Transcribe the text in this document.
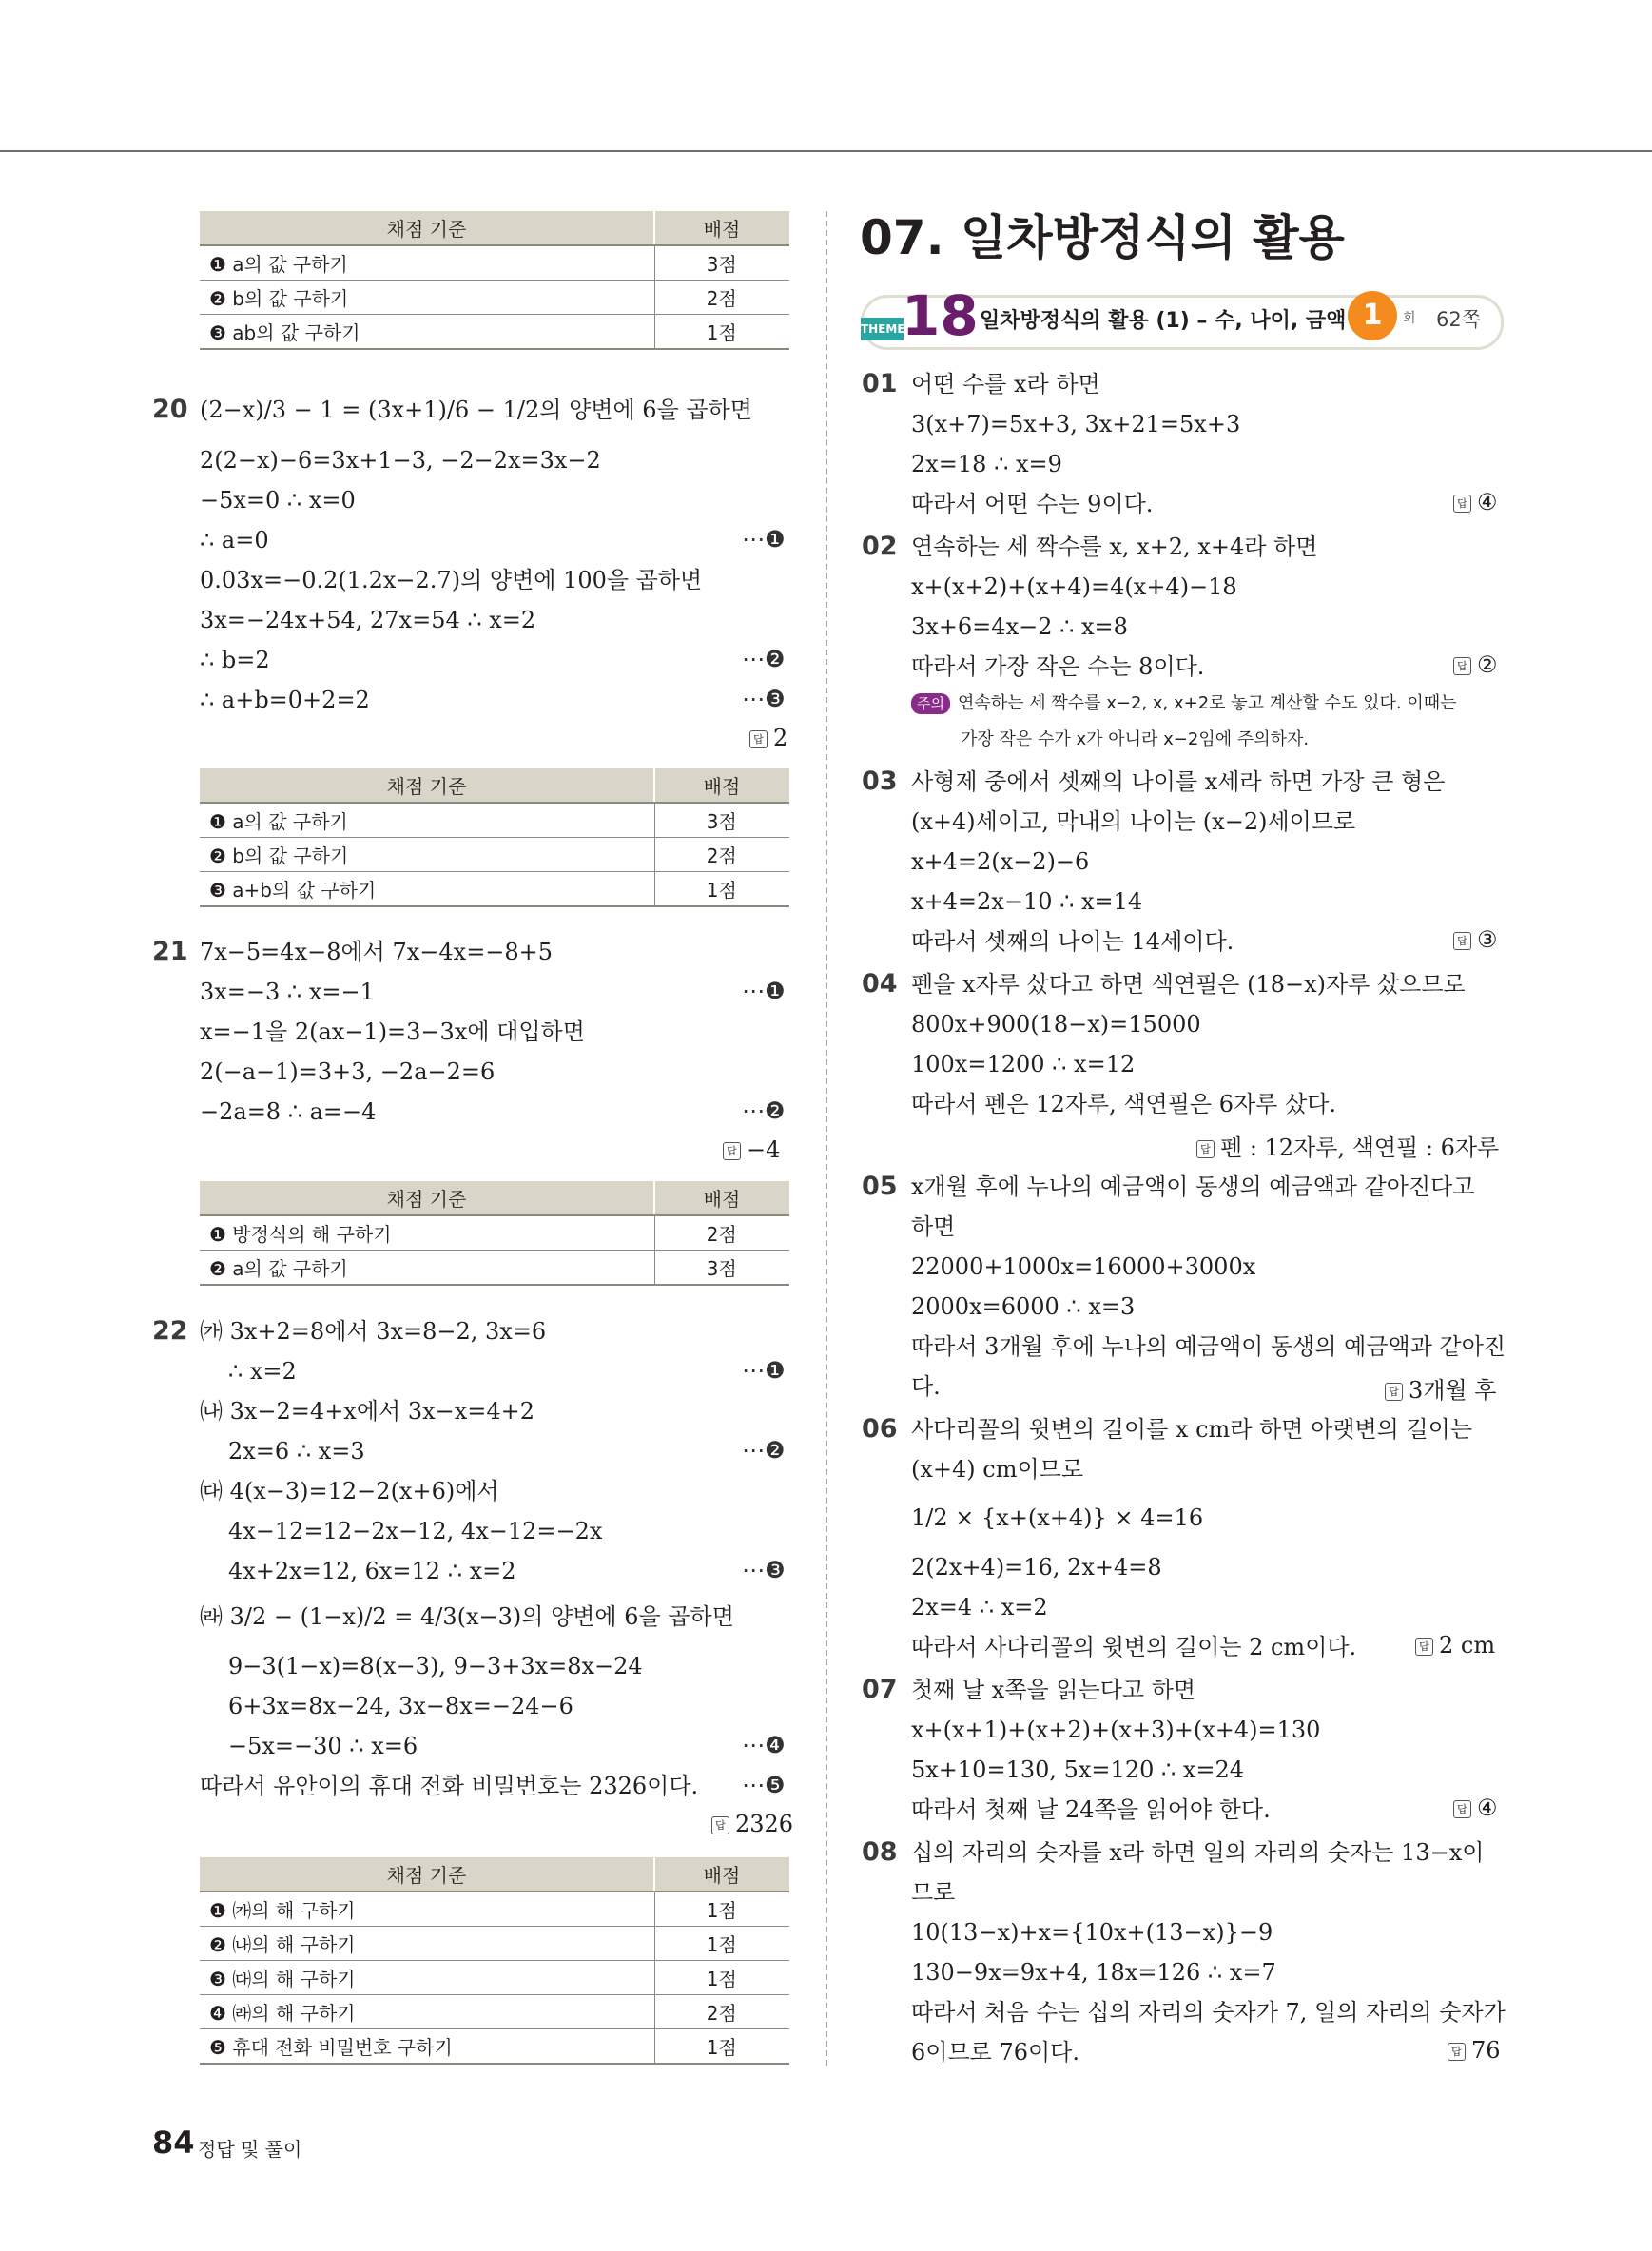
채점 기준	배점
❶ a의 값 구하기	3점
❷ b의 값 구하기	2점
❸ ab의 값 구하기	1점
20 (2−x)/3 − 1 = (3x+1)/6 − 1/2의 양변에 6을 곱하면
2(2−x)−6=3x+1−3, −2−2x=3x−2
−5x=0 ∴ x=0
∴ a=0	⋯❶
0.03x=−0.2(1.2x−2.7)의 양변에 100을 곱하면
3x=−24x+54, 27x=54 ∴ x=2
∴ b=2	⋯❷
∴ a+b=0+2=2	⋯❸
답 2
채점 기준	배점
❶ a의 값 구하기	3점
❷ b의 값 구하기	2점
❸ a+b의 값 구하기	1점
21 7x−5=4x−8에서 7x−4x=−8+5
3x=−3 ∴ x=−1	⋯❶
x=−1을 2(ax−1)=3−3x에 대입하면
2(−a−1)=3+3, −2a−2=6
−2a=8 ∴ a=−4	⋯❷
답 −4
채점 기준	배점
❶ 방정식의 해 구하기	2점
❷ a의 값 구하기	3점
22 ㈎ 3x+2=8에서 3x=8−2, 3x=6
∴ x=2	⋯❶
㈏ 3x−2=4+x에서 3x−x=4+2
2x=6 ∴ x=3	⋯❷
㈐ 4(x−3)=12−2(x+6)에서
4x−12=12−2x−12, 4x−12=−2x
4x+2x=12, 6x=12 ∴ x=2	⋯❸
㈑ 3/2 − (1−x)/2 = 4/3(x−3)의 양변에 6을 곱하면
9−3(1−x)=8(x−3), 9−3+3x=8x−24
6+3x=8x−24, 3x−8x=−24−6
−5x=−30 ∴ x=6	⋯❹
따라서 유안이의 휴대 전화 비밀번호는 2326이다. ⋯❺
답 2326
채점 기준	배점
❶ ㈎의 해 구하기	1점
❷ ㈏의 해 구하기	1점
❸ ㈐의 해 구하기	1점
❹ ㈑의 해 구하기	2점
❺ 휴대 전화 비밀번호 구하기	1점
07. 일차방정식의 활용
THEME
18 일차방정식의 활용 (1) – 수, 나이, 금액 1	회 62쪽
01 어떤 수를 x라 하면
3(x+7)=5x+3, 3x+21=5x+3
2x=18 ∴ x=9
따라서 어떤 수는 9이다.	답 ④
02 연속하는 세 짝수를 x, x+2, x+4라 하면
x+(x+2)+(x+4)=4(x+4)−18
3x+6=4x−2 ∴ x=8
따라서 가장 작은 수는 8이다.	답 ②
주의 연속하는 세 짝수를 x−2, x, x+2로 놓고 계산할 수도 있다. 이때는
가장 작은 수가 x가 아니라 x−2임에 주의하자.
03 사형제 중에서 셋째의 나이를 x세라 하면 가장 큰 형은
(x+4)세이고, 막내의 나이는 (x−2)세이므로
x+4=2(x−2)−6
x+4=2x−10 ∴ x=14
따라서 셋째의 나이는 14세이다.	답 ③
04 펜을 x자루 샀다고 하면 색연필은 (18−x)자루 샀으므로
800x+900(18−x)=15000
100x=1200 ∴ x=12
따라서 펜은 12자루, 색연필은 6자루 샀다.
답 펜 : 12자루, 색연필 : 6자루
05 x개월 후에 누나의 예금액이 동생의 예금액과 같아진다고
하면
22000+1000x=16000+3000x
2000x=6000 ∴ x=3
따라서 3개월 후에 누나의 예금액이 동생의 예금액과 같아진
다.	답 3개월 후
06 사다리꼴의 윗변의 길이를 x cm라 하면 아랫변의 길이는
(x+4) cm이므로
1/2 × {x+(x+4)} × 4=16
2(2x+4)=16, 2x+4=8
2x=4 ∴ x=2
따라서 사다리꼴의 윗변의 길이는 2 cm이다.	답 2 cm
07 첫째 날 x쪽을 읽는다고 하면
x+(x+1)+(x+2)+(x+3)+(x+4)=130
5x+10=130, 5x=120 ∴ x=24
따라서 첫째 날 24쪽을 읽어야 한다.	답 ④
08 십의 자리의 숫자를 x라 하면 일의 자리의 숫자는 13−x이
므로
10(13−x)+x={10x+(13−x)}−9
130−9x=9x+4, 18x=126 ∴ x=7
따라서 처음 수는 십의 자리의 숫자가 7, 일의 자리의 숫자가
6이므로 76이다.	답 76
84 정답 및 풀이
